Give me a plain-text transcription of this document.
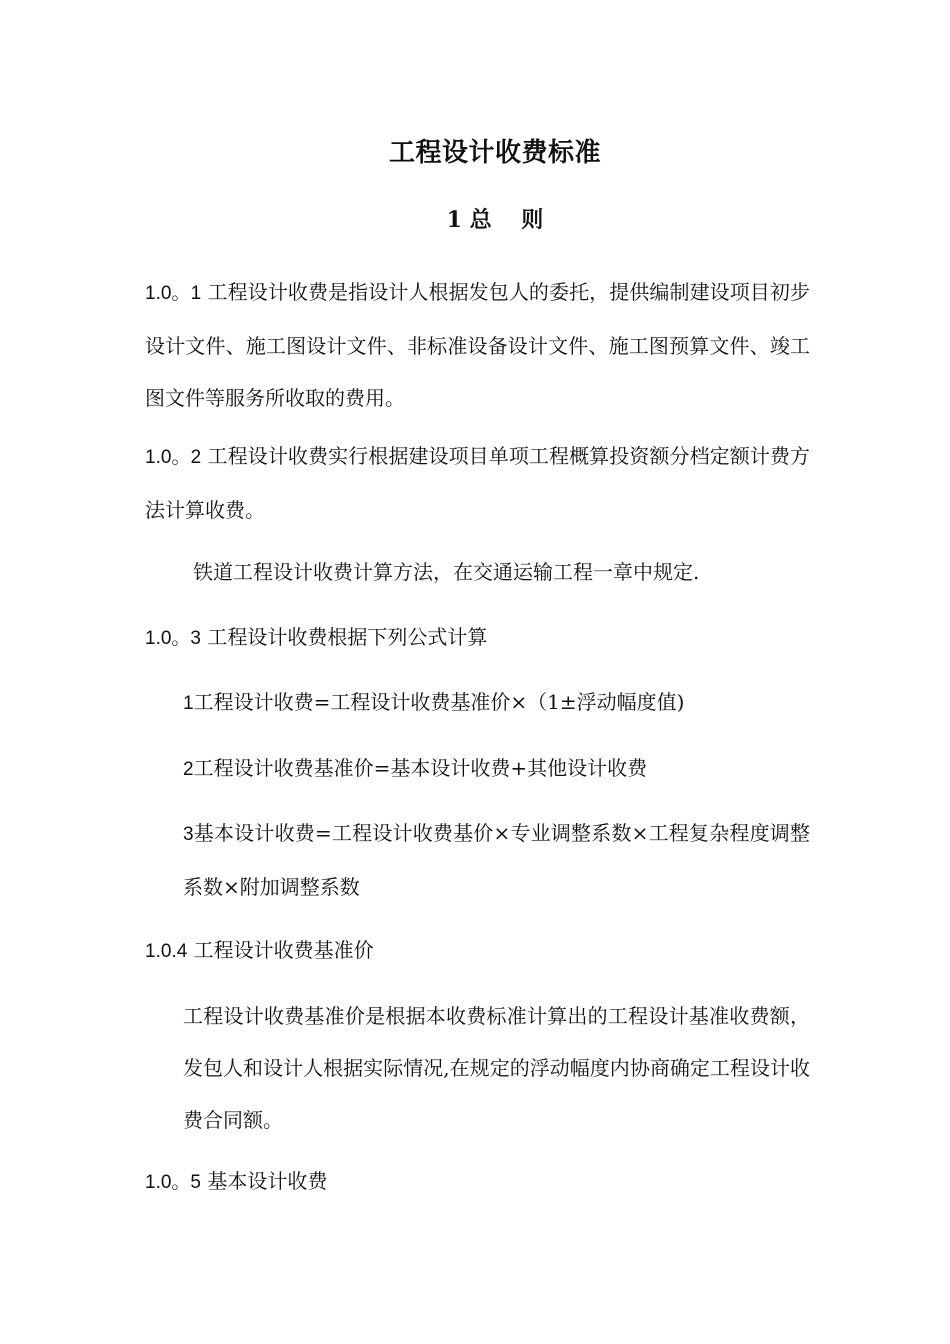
工程设计收费标准
1 总　 则

1.0。1 工程设计收费是指设计人根据发包人的委托，提供编制建设项目初步设计文件、施工图设计文件、非标准设备设计文件、施工图预算文件、竣工图文件等服务所收取的费用。

1.0。2 工程设计收费实行根据建设项目单项工程概算投资额分档定额计费方法计算收费。

铁道工程设计收费计算方法，在交通运输工程一章中规定.

1.0。3 工程设计收费根据下列公式计算

1工程设计收费=工程设计收费基准价×（1±浮动幅度值)

2工程设计收费基准价=基本设计收费+其他设计收费

3基本设计收费=工程设计收费基价×专业调整系数×工程复杂程度调整系数×附加调整系数

1.0.4 工程设计收费基准价

工程设计收费基准价是根据本收费标准计算出的工程设计基准收费额，发包人和设计人根据实际情况,在规定的浮动幅度内协商确定工程设计收费合同额。

1.0。5 基本设计收费
